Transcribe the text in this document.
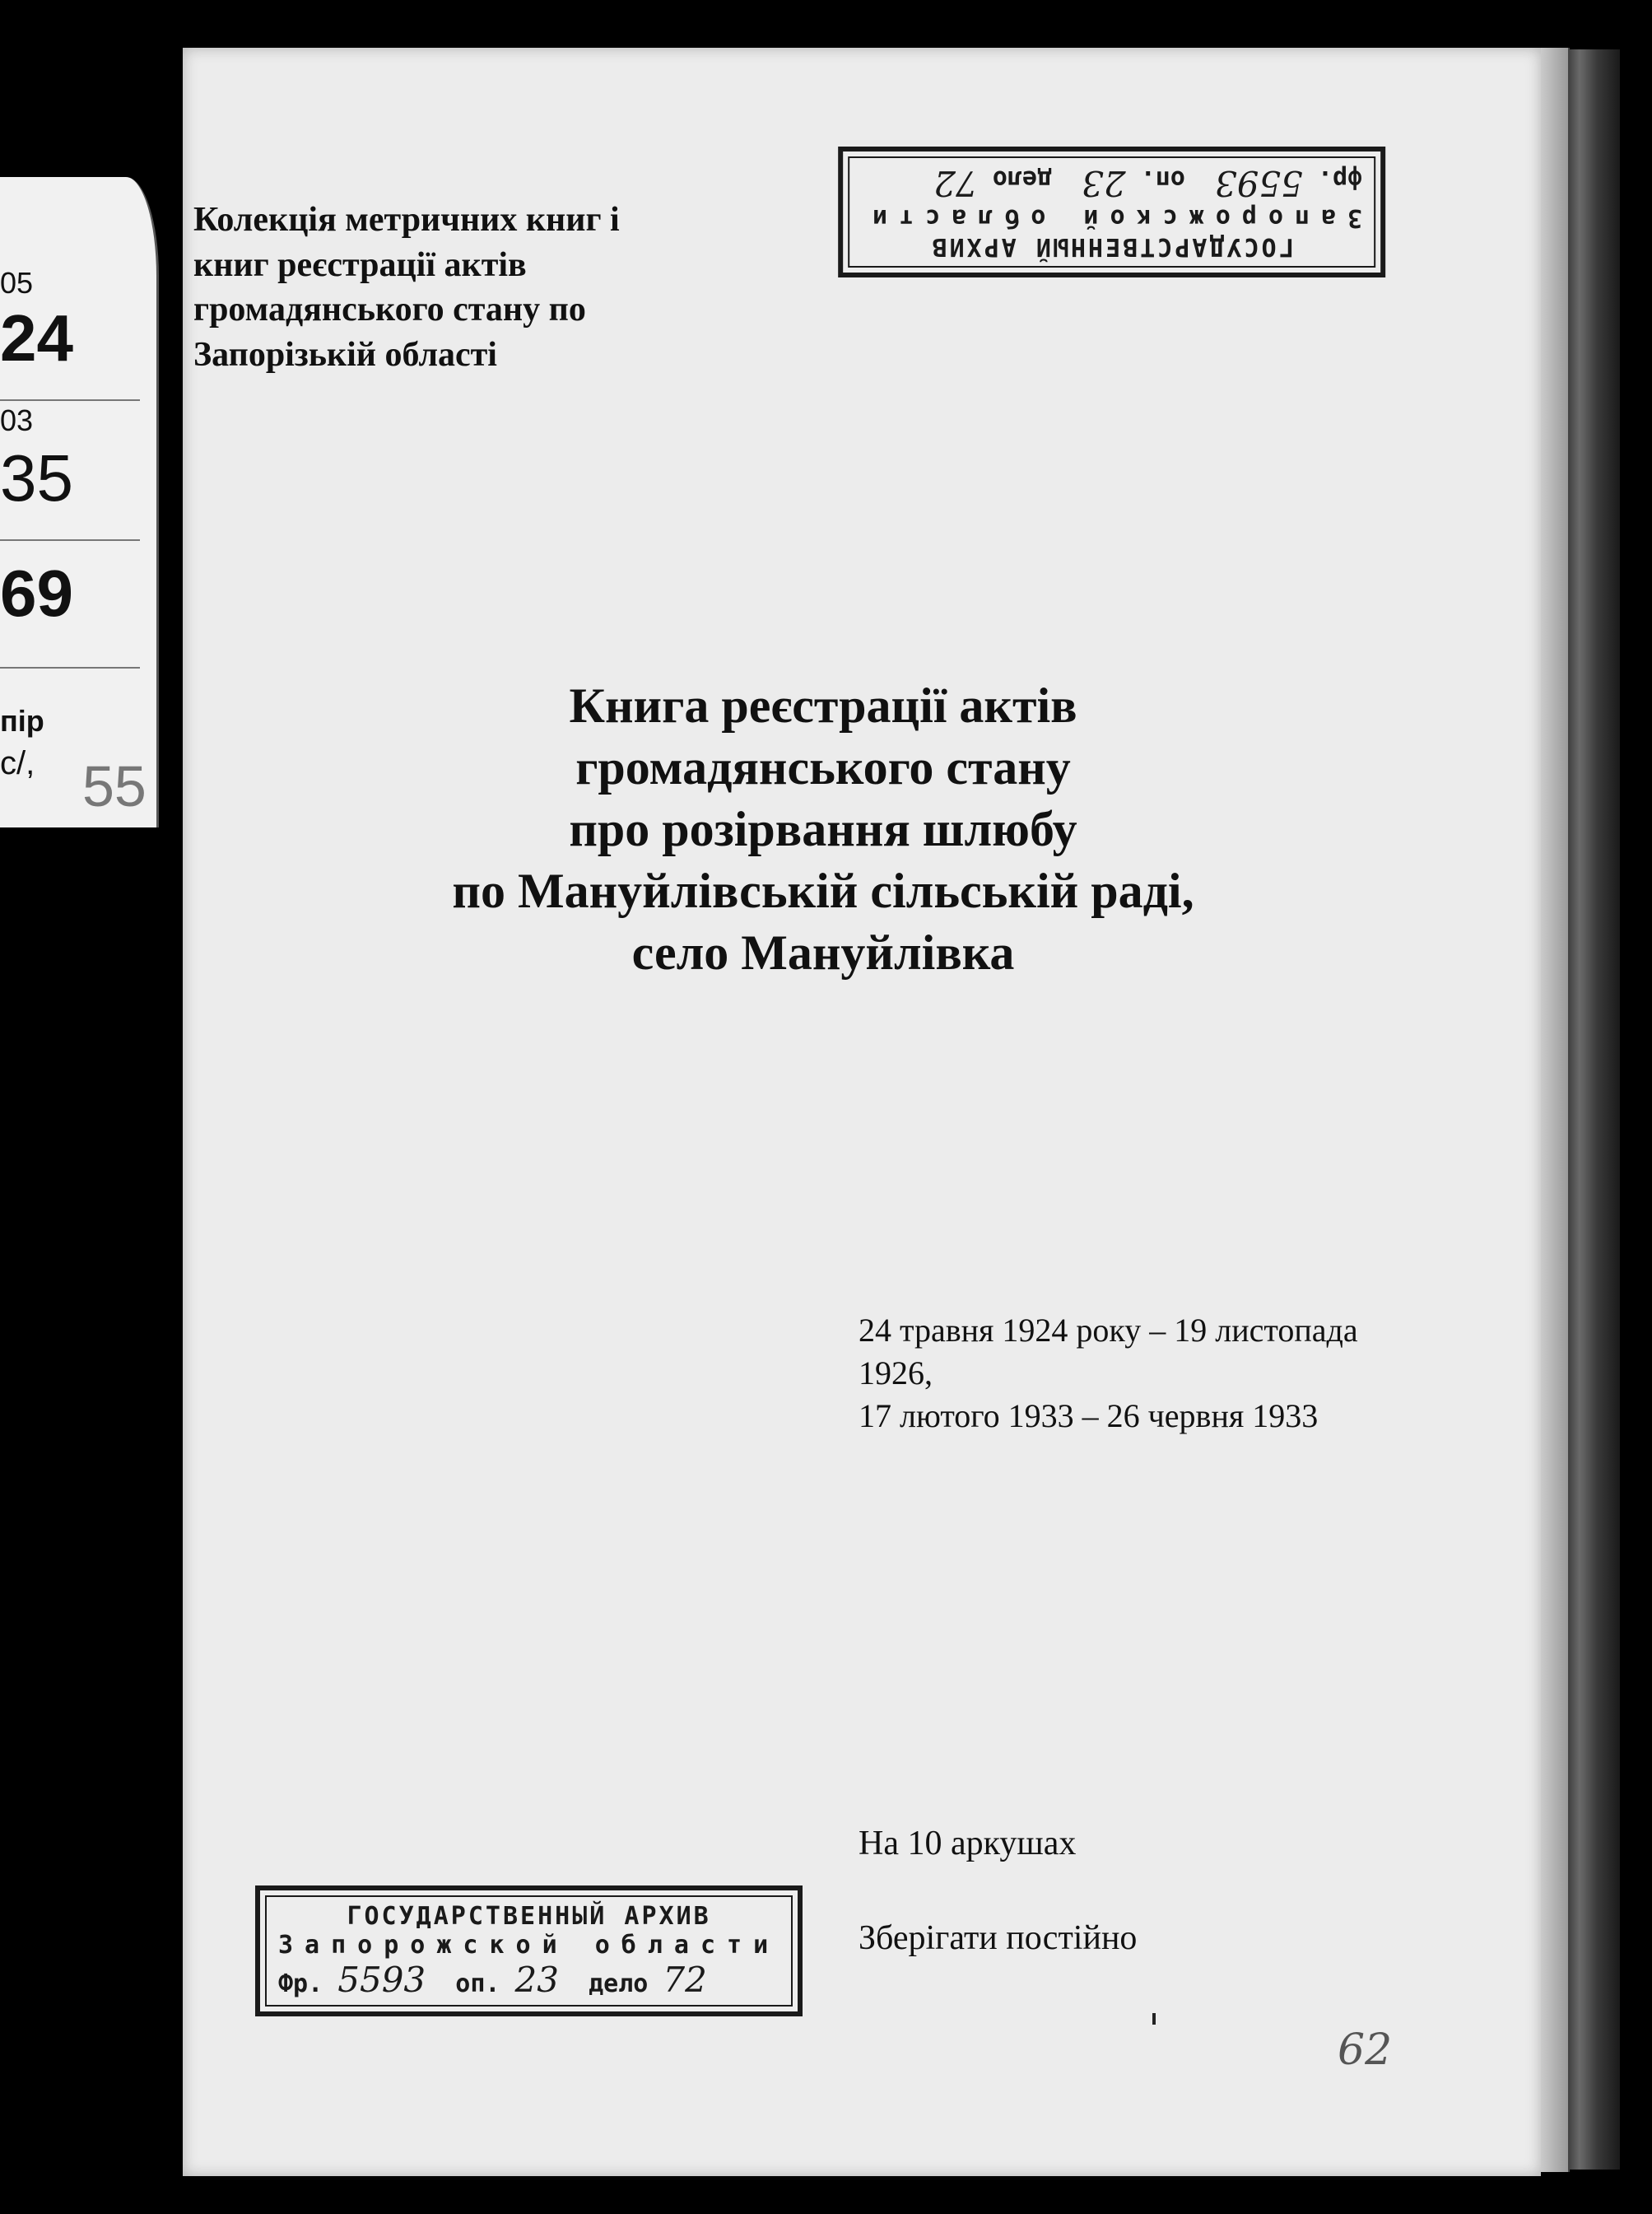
05
24
03
35
69
пір
с/, 55
Колекція метричних книг і
книг реєстрації актів
громадянського стану по
Запорізькій області
ГОСУДАРСТВЕННЫЙ АРХИВ
Запорожской области
фр. 5593  оп. 23  дело 72
Книга реєстрації актів
громадянського стану
про розірвання шлюбу
по Мануйлівській сільській раді,
село Мануйлівка
24 травня 1924 року – 19 листопада
1926,
17 лютого 1933 – 26 червня 1933
На 10 аркушах
Зберігати постійно
ГОСУДАРСТВЕННЫЙ АРХИВ
Запорожской области
Фр. 5593 оп. 23 дело 72
62
